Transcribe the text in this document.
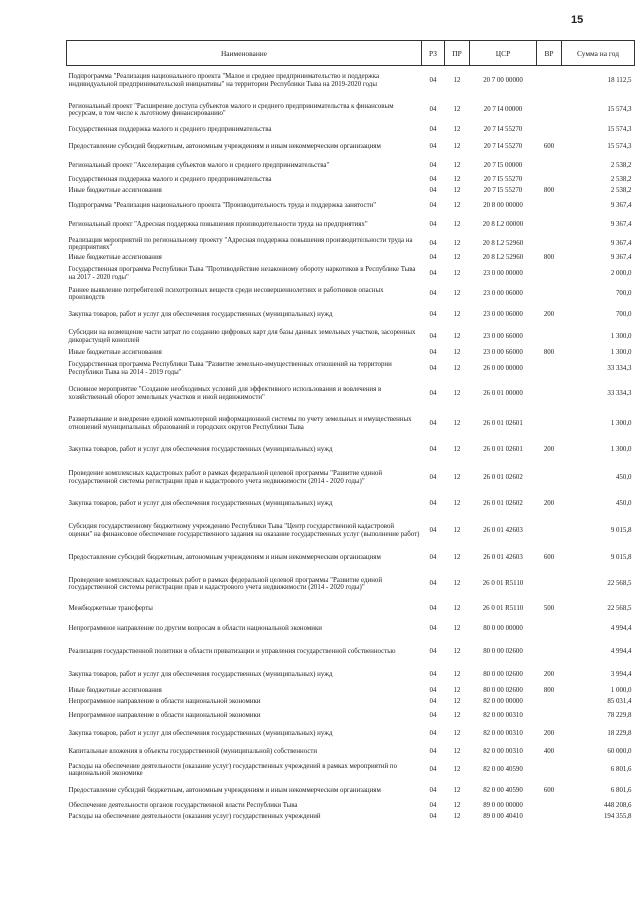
15
Наименование	РЗ	ПР	ЦСР	ВР	Сумма на год
Подпрограмма "Реализация национального проекта "Малое и среднее предпринимательство и поддержка индивидуальной предпринимательской инициативы" на территории Республики Тыва на 2019-2020 годы	04	12	20 7 00 00000		18 112,5
Региональный проект "Расширение доступа субъектов малого и среднего предпринимательства к финансовым ресурсам, в том числе к льготному финансированию"	04	12	20 7 I4 00000		15 574,3
Государственная поддержка малого и среднего предпринимательства	04	12	20 7 I4 55270		15 574,3
Предоставление субсидий бюджетным, автономным учреждениям и иным некоммерческим организациям	04	12	20 7 I4 55270	600	15 574,3
Региональный проект "Акселерация субъектов малого и среднего предпринимательства"	04	12	20 7 I5 00000		2 538,2
Государственная поддержка малого и среднего предпринимательства	04	12	20 7 I5 55270		2 538,2
Иные бюджетные ассигнования	04	12	20 7 I5 55270	800	2 538,2
Подпрограмма "Реализация национального проекта "Производительность труда и поддержка занятости"	04	12	20 8 00 00000		9 367,4
Региональный проект "Адресная поддержка повышения производительности труда на предприятиях"	04	12	20 8 L2 00000		9 367,4
Реализация мероприятий по региональному проекту "Адресная поддержка повышения производительности труда на предприятиях"	04	12	20 8 L2 52960		9 367,4
Иные бюджетные ассигнования	04	12	20 8 L2 52960	800	9 367,4
Государственная программа Республики Тыва "Противодействие незаконному обороту наркотиков в Республике Тыва на 2017 - 2020 годы"	04	12	23 0 00 00000		2 000,0
Раннее выявление потребителей психотропных веществ среди несовершеннолетних и работников опасных производств	04	12	23 0 00 06000		700,0
Закупка товаров, работ и услуг для обеспечения государственных (муниципальных) нужд	04	12	23 0 00 06000	200	700,0
Субсидии на возмещение части затрат по созданию цифровых карт для базы данных земельных участков, засоренных дикорастущей коноплей	04	12	23 0 00 66000		1 300,0
Иные бюджетные ассигнования	04	12	23 0 00 66000	800	1 300,0
Государственная программа Республики Тыва "Развитие земельно-имущественных отношений на территории Республики Тыва на 2014 - 2019 годы"	04	12	26 0 00 00000		33 334,3
Основное мероприятие "Создание необходимых условий для эффективного использования и вовлечения в хозяйственный оборот земельных участков и иной недвижимости"	04	12	26 0 01 00000		33 334,3
Развертывание и внедрение единой компьютерной информационной системы по учету земельных и имущественных отношений муниципальных образований и городских округов Республики Тыва	04	12	26 0 01 02601		1 300,0
Закупка товаров, работ и услуг для обеспечения государственных (муниципальных) нужд	04	12	26 0 01 02601	200	1 300,0
Проведение комплексных кадастровых работ в рамках федеральной целевой программы "Развитие единой государственной системы регистрации прав и кадастрового учета недвижимости (2014 - 2020 годы)"	04	12	26 0 01 02602		450,0
Закупка товаров, работ и услуг для обеспечения государственных (муниципальных) нужд	04	12	26 0 01 02602	200	450,0
Субсидия государственному бюджетному учреждению Республики Тыва "Центр государственной кадастровой оценки" на финансовое обеспечение государственного задания на оказание государственных услуг (выполнение работ)	04	12	26 0 01 42603		9 015,8
Предоставление субсидий бюджетным, автономным учреждениям и иным некоммерческим организациям	04	12	26 0 01 42603	600	9 015,8
Проведение комплексных кадастровых работ в рамках федеральной целевой программы "Развитие единой государственной системы регистрации прав и кадастрового учета недвижимости (2014 - 2020 годы)"	04	12	26 0 01 R5110		22 568,5
Межбюджетные трансферты	04	12	26 0 01 R5110	500	22 568,5
Непрограммное направление по другим вопросам в области национальной экономики	04	12	80 0 00 00000		4 994,4
Реализация государственной политики в области приватизации и управления государственной собственностью	04	12	80 0 00 02600		4 994,4
Закупка товаров, работ и услуг для обеспечения государственных (муниципальных) нужд	04	12	80 0 00 02600	200	3 994,4
Иные бюджетные ассигнования	04	12	80 0 00 02600	800	1 000,0
Непрограммное направление в области национальной экономики	04	12	82 0 00 00000		85 031,4
Непрограммное направление в области национальной экономики	04	12	82 0 00 00310		78 229,8
Закупка товаров, работ и услуг для обеспечения государственных (муниципальных) нужд	04	12	82 0 00 00310	200	18 229,8
Капитальные вложения в объекты государственной (муниципальной) собственности	04	12	82 0 00 00310	400	60 000,0
Расходы на обеспечение деятельности (оказание услуг) государственных учреждений в рамках мероприятий по национальной экономике	04	12	82 0 00 40590		6 801,6
Предоставление субсидий бюджетным, автономным учреждениям и иным некоммерческим организациям	04	12	82 0 00 40590	600	6 801,6
Обеспечение деятельности органов государственной власти Республики Тыва	04	12	89 0 00 00000		448 208,6
Расходы на обеспечение деятельности (оказания услуг) государственных учреждений	04	12	89 0 00 40410		194 355,8
